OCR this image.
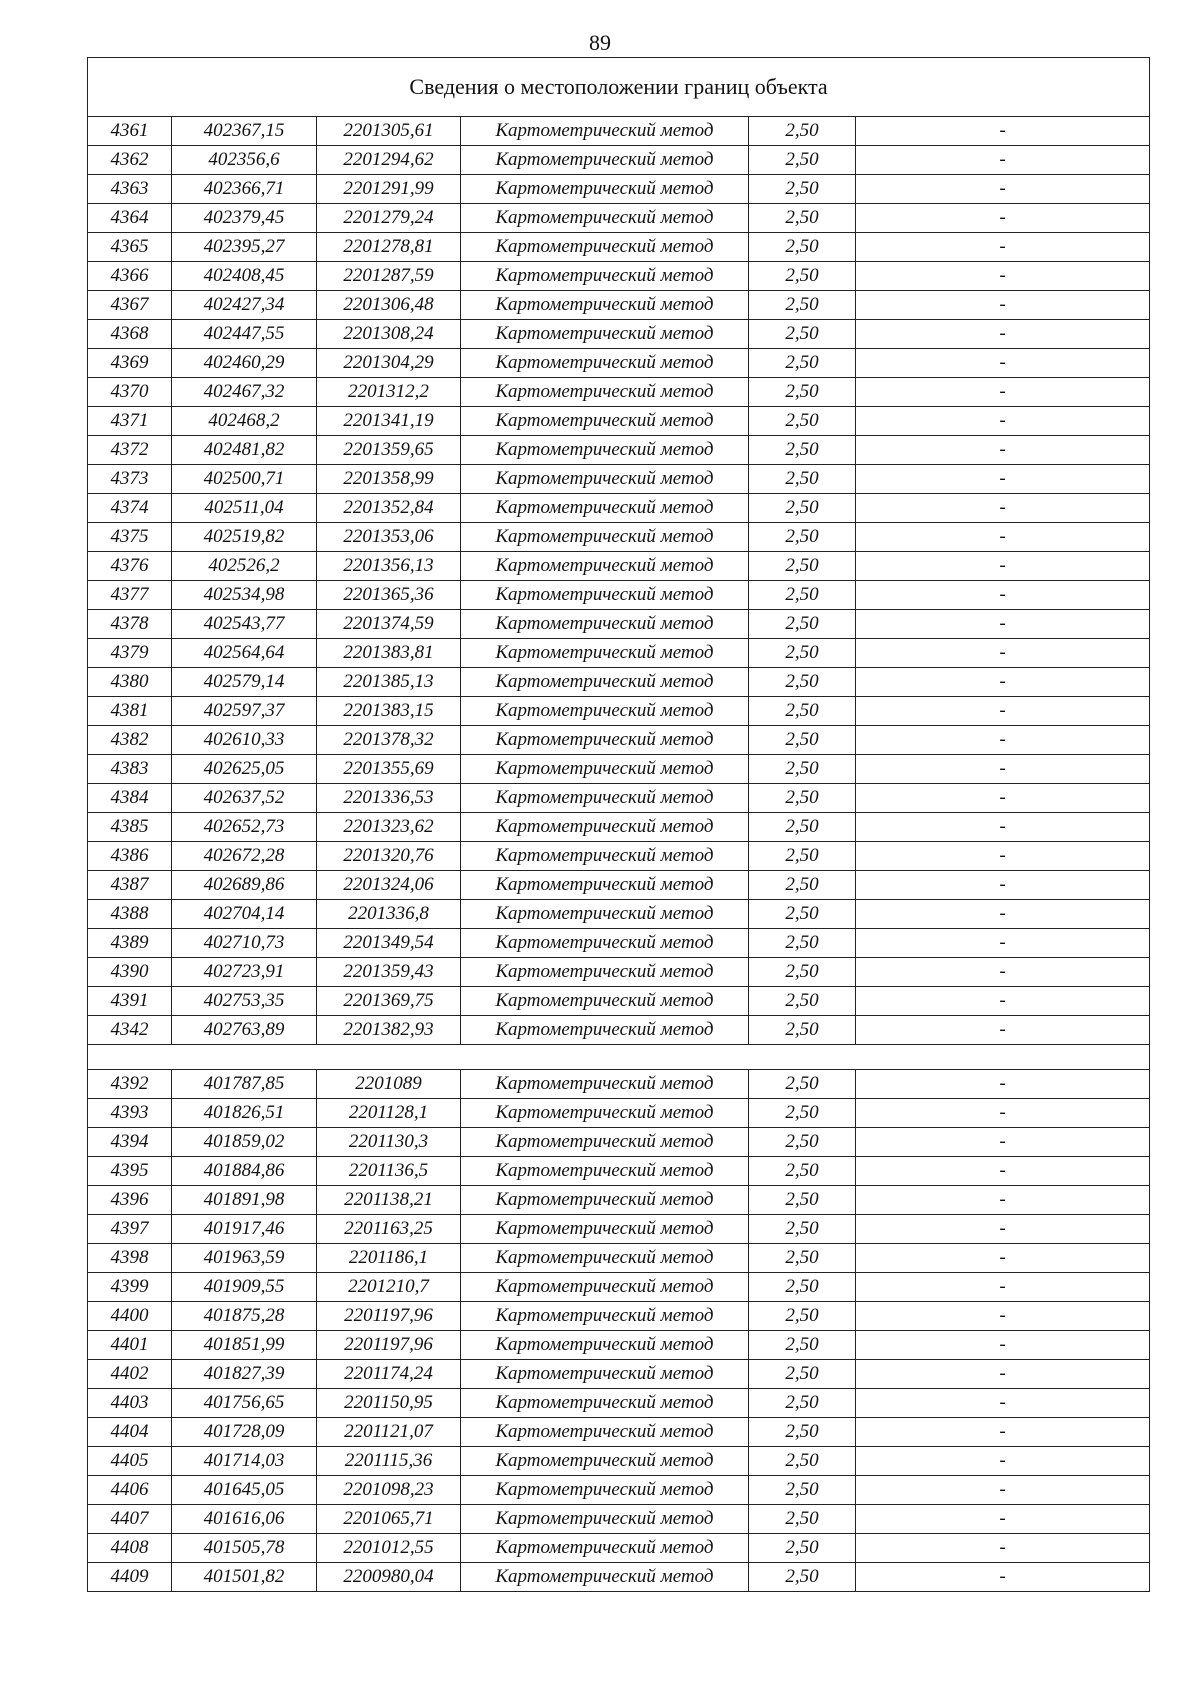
89
Сведения о местоположении границ объекта					
4361	402367,15	2201305,61	Картометрический метод	2,50	-
4362	402356,6	2201294,62	Картометрический метод	2,50	-
4363	402366,71	2201291,99	Картометрический метод	2,50	-
4364	402379,45	2201279,24	Картометрический метод	2,50	-
4365	402395,27	2201278,81	Картометрический метод	2,50	-
4366	402408,45	2201287,59	Картометрический метод	2,50	-
4367	402427,34	2201306,48	Картометрический метод	2,50	-
4368	402447,55	2201308,24	Картометрический метод	2,50	-
4369	402460,29	2201304,29	Картометрический метод	2,50	-
4370	402467,32	2201312,2	Картометрический метод	2,50	-
4371	402468,2	2201341,19	Картометрический метод	2,50	-
4372	402481,82	2201359,65	Картометрический метод	2,50	-
4373	402500,71	2201358,99	Картометрический метод	2,50	-
4374	402511,04	2201352,84	Картометрический метод	2,50	-
4375	402519,82	2201353,06	Картометрический метод	2,50	-
4376	402526,2	2201356,13	Картометрический метод	2,50	-
4377	402534,98	2201365,36	Картометрический метод	2,50	-
4378	402543,77	2201374,59	Картометрический метод	2,50	-
4379	402564,64	2201383,81	Картометрический метод	2,50	-
4380	402579,14	2201385,13	Картометрический метод	2,50	-
4381	402597,37	2201383,15	Картометрический метод	2,50	-
4382	402610,33	2201378,32	Картометрический метод	2,50	-
4383	402625,05	2201355,69	Картометрический метод	2,50	-
4384	402637,52	2201336,53	Картометрический метод	2,50	-
4385	402652,73	2201323,62	Картометрический метод	2,50	-
4386	402672,28	2201320,76	Картометрический метод	2,50	-
4387	402689,86	2201324,06	Картометрический метод	2,50	-
4388	402704,14	2201336,8	Картометрический метод	2,50	-
4389	402710,73	2201349,54	Картометрический метод	2,50	-
4390	402723,91	2201359,43	Картометрический метод	2,50	-
4391	402753,35	2201369,75	Картометрический метод	2,50	-
4342	402763,89	2201382,93	Картометрический метод	2,50	-

4392	401787,85	2201089	Картометрический метод	2,50	-
4393	401826,51	2201128,1	Картометрический метод	2,50	-
4394	401859,02	2201130,3	Картометрический метод	2,50	-
4395	401884,86	2201136,5	Картометрический метод	2,50	-
4396	401891,98	2201138,21	Картометрический метод	2,50	-
4397	401917,46	2201163,25	Картометрический метод	2,50	-
4398	401963,59	2201186,1	Картометрический метод	2,50	-
4399	401909,55	2201210,7	Картометрический метод	2,50	-
4400	401875,28	2201197,96	Картометрический метод	2,50	-
4401	401851,99	2201197,96	Картометрический метод	2,50	-
4402	401827,39	2201174,24	Картометрический метод	2,50	-
4403	401756,65	2201150,95	Картометрический метод	2,50	-
4404	401728,09	2201121,07	Картометрический метод	2,50	-
4405	401714,03	2201115,36	Картометрический метод	2,50	-
4406	401645,05	2201098,23	Картометрический метод	2,50	-
4407	401616,06	2201065,71	Картометрический метод	2,50	-
4408	401505,78	2201012,55	Картометрический метод	2,50	-
4409	401501,82	2200980,04	Картометрический метод	2,50	-
